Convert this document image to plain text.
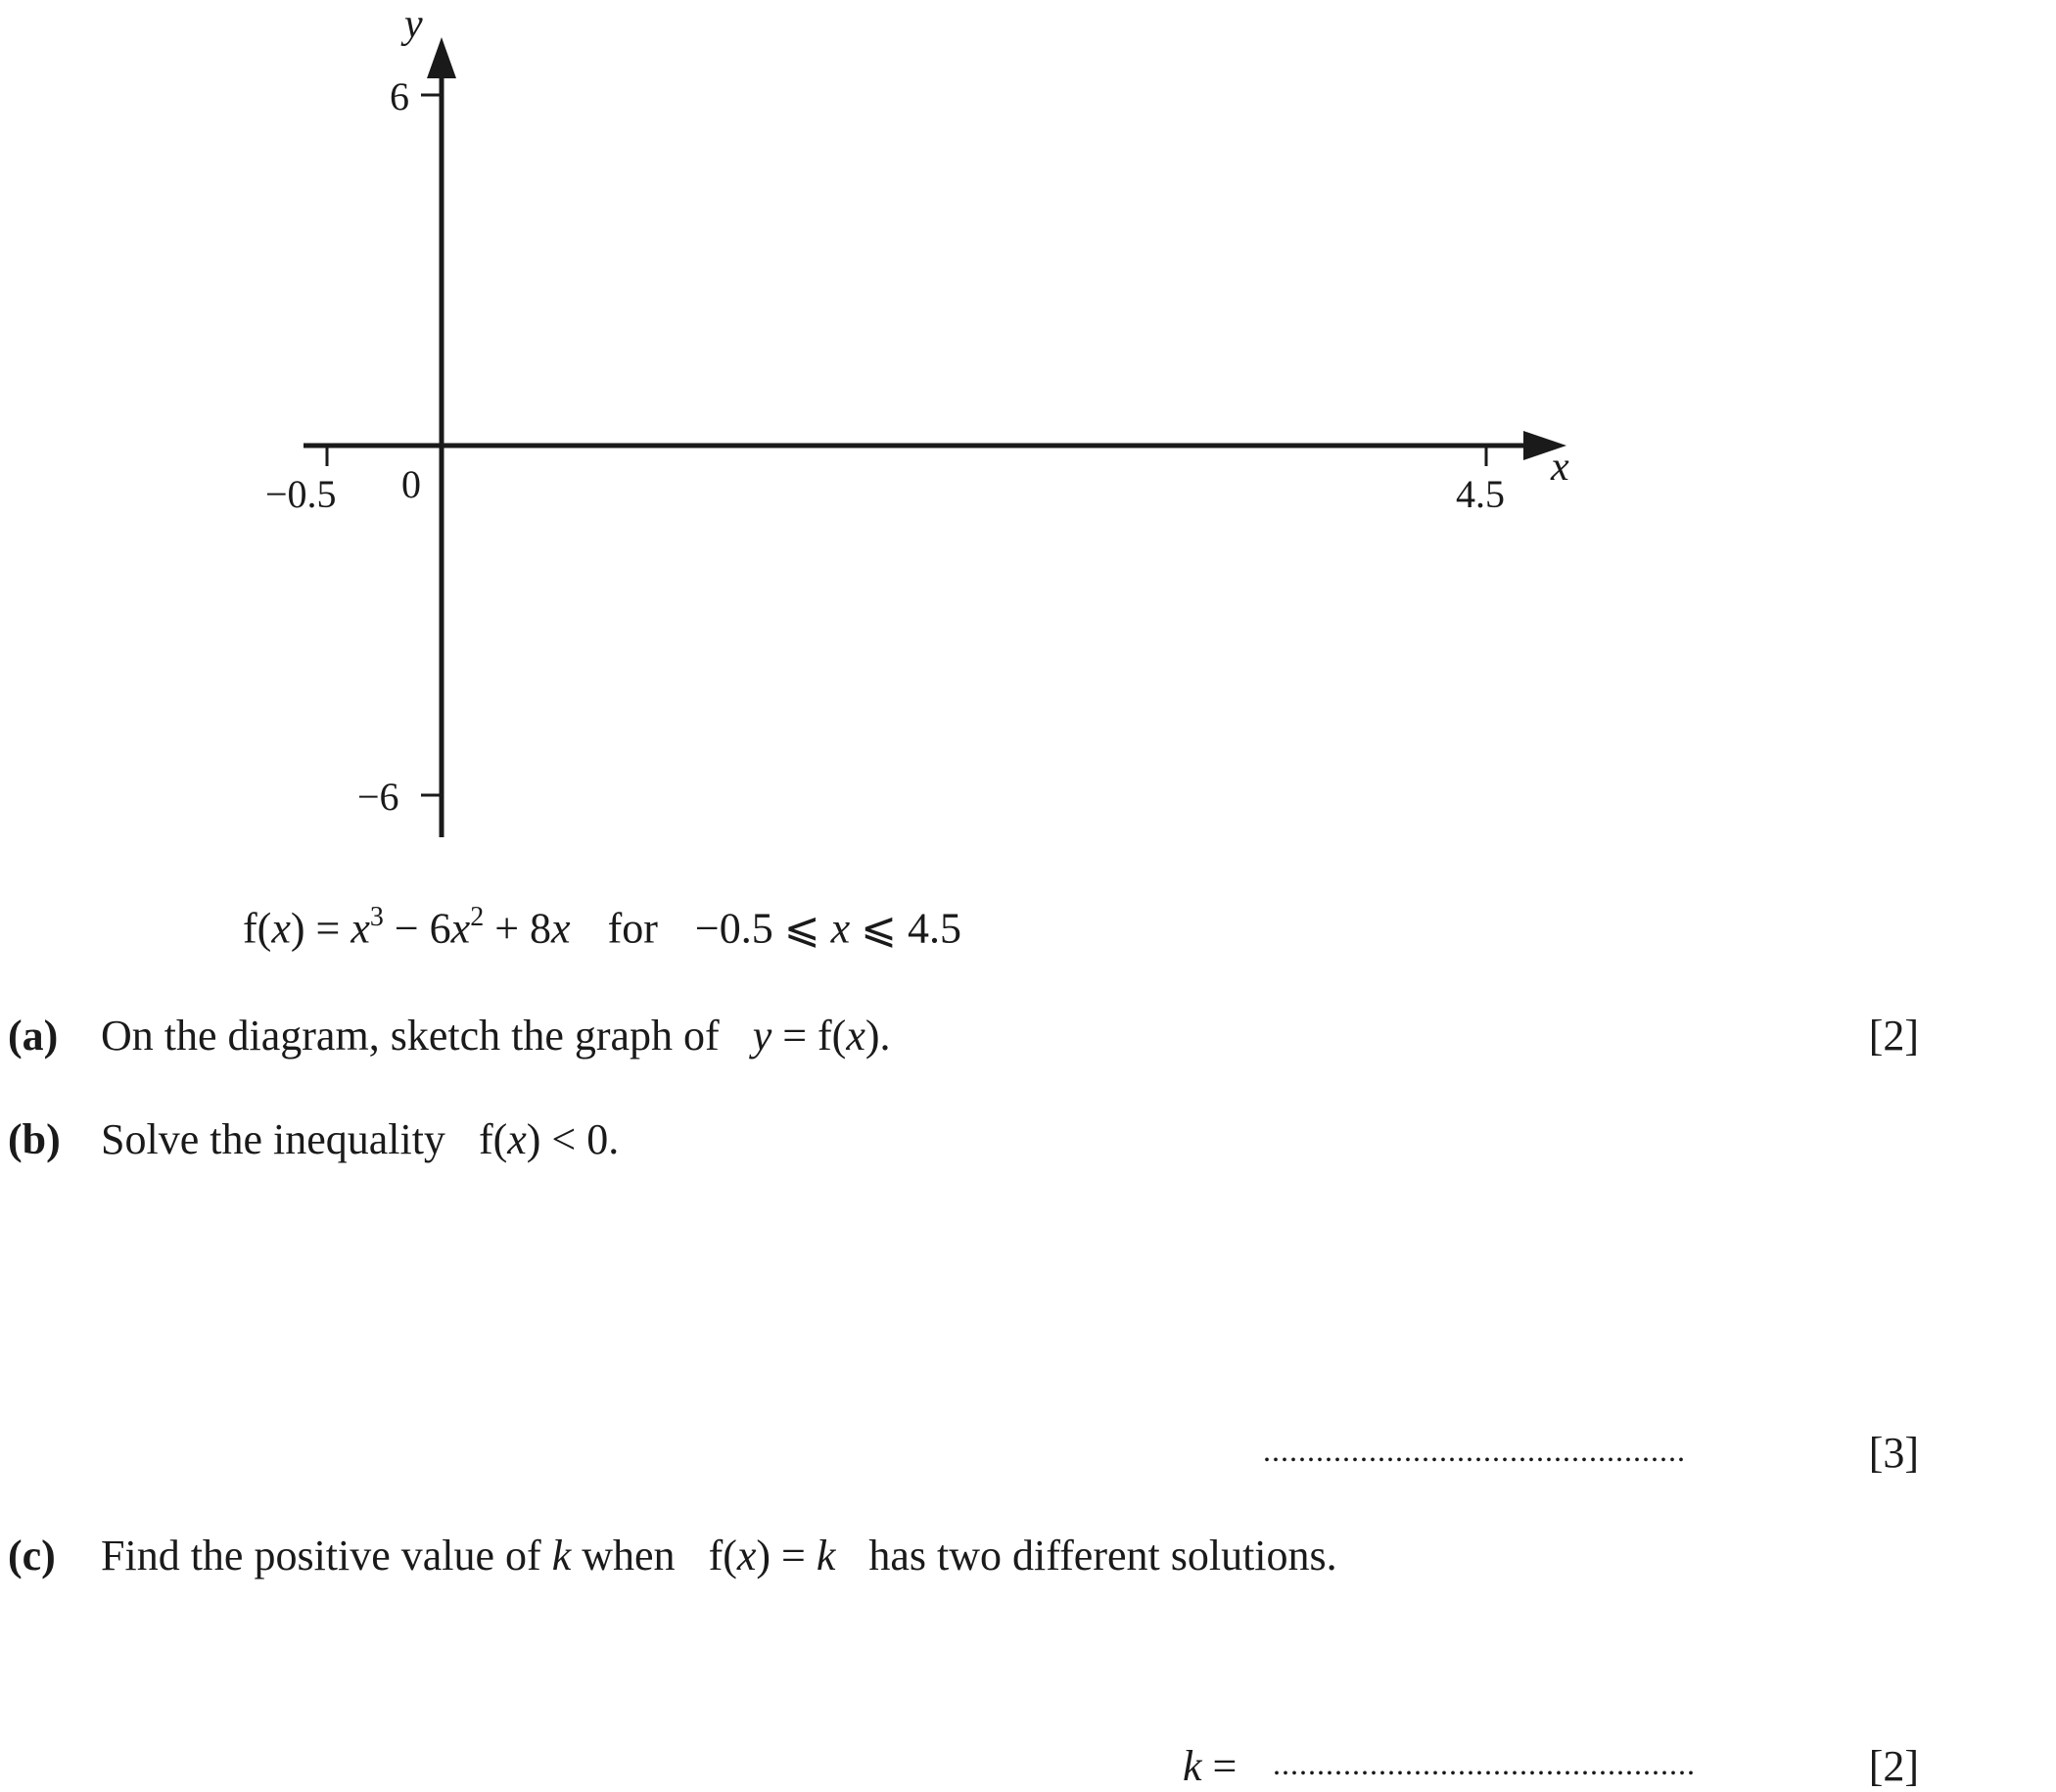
y
x
6
−6
−0.5	4.5
0
$f(x) = x^3 - 6x^2 + 8x$ for −0.5 ⩽ x ⩽ 4.5
(a) On the diagram, sketch the graph of y = f(x).	[2]
(b) Solve the inequality f(x) < 0.
................................................	[3]
(c) Find the positive value of k when f(x) = k has two different solutions.
k = ................................................	[2]
